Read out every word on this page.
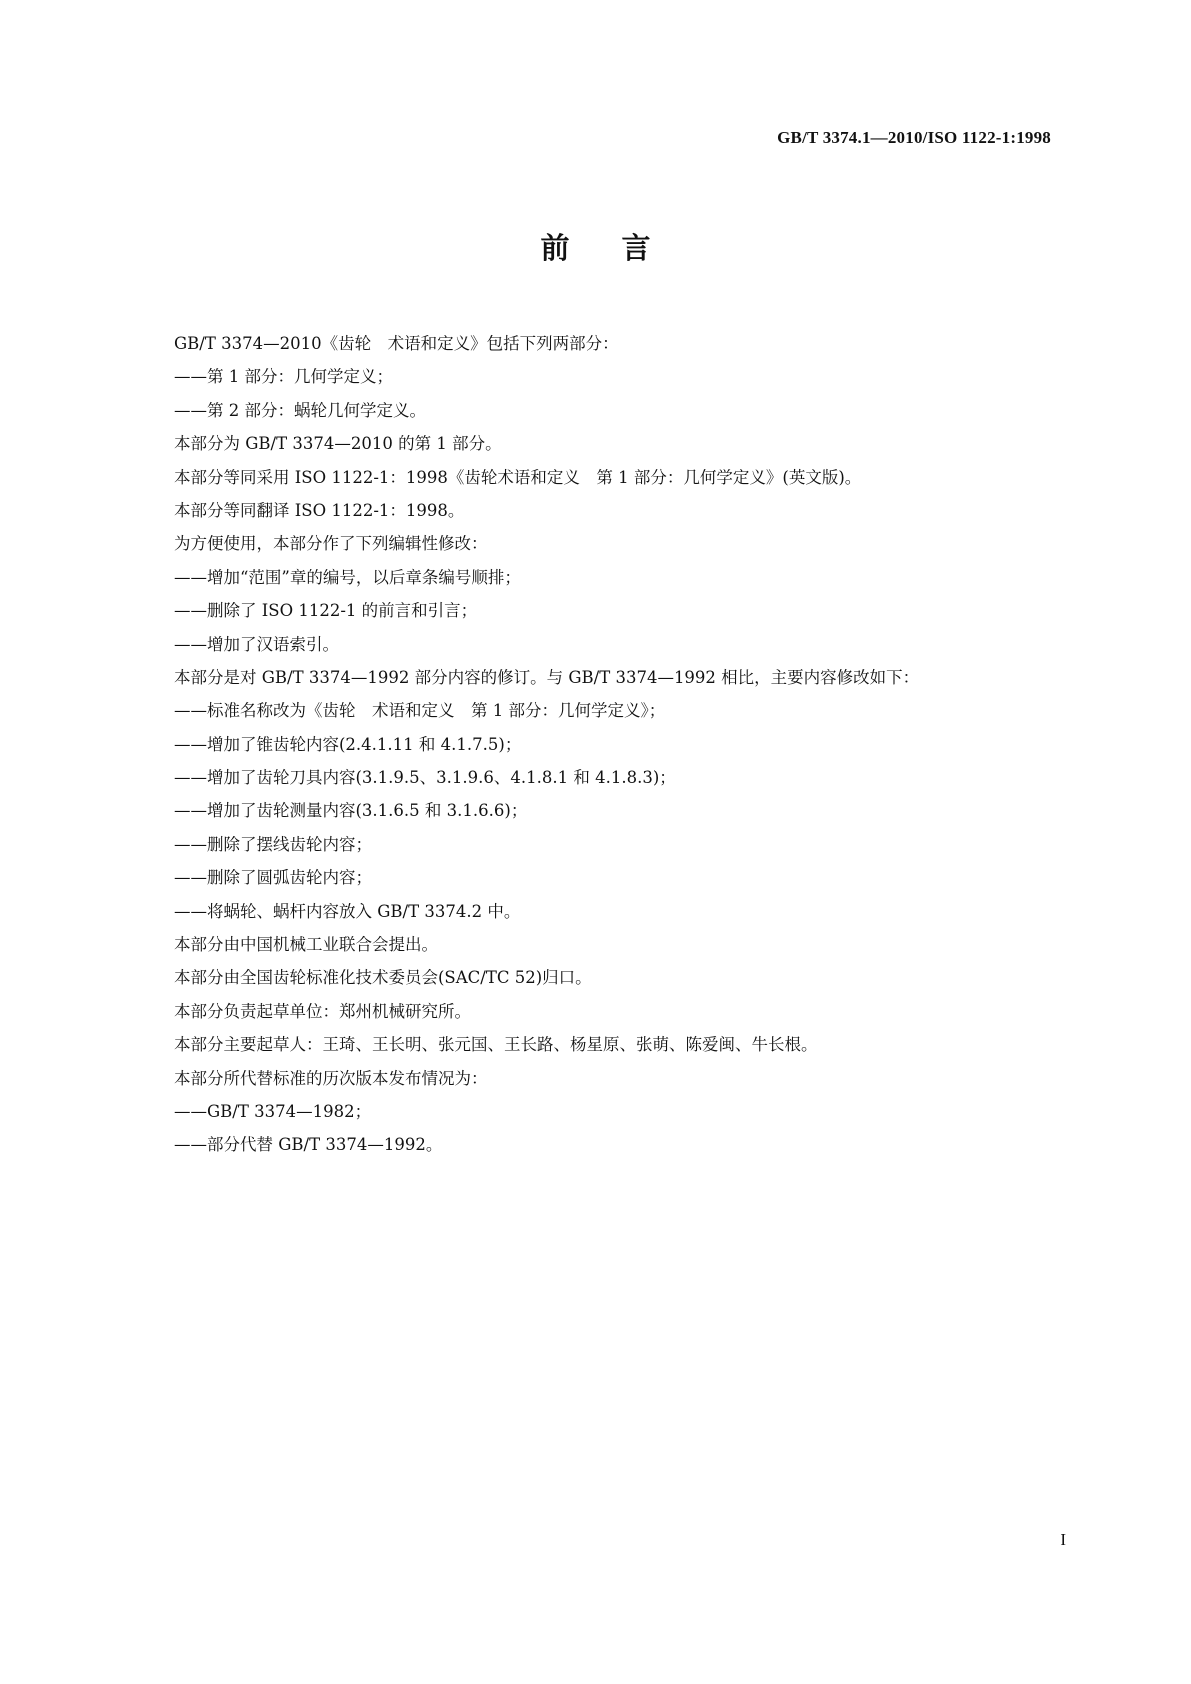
GB/T 3374.1—2010/ISO 1122-1:1998
前言
GB/T 3374—2010《齿轮　术语和定义》包括下列两部分：
——第 1 部分：几何学定义；
——第 2 部分：蜗轮几何学定义。
本部分为 GB/T 3374—2010 的第 1 部分。
本部分等同采用 ISO 1122-1：1998《齿轮术语和定义　第 1 部分：几何学定义》(英文版)。
本部分等同翻译 ISO 1122-1：1998。
为方便使用，本部分作了下列编辑性修改：
——增加“范围”章的编号，以后章条编号顺排；
——删除了 ISO 1122-1 的前言和引言；
——增加了汉语索引。
本部分是对 GB/T 3374—1992 部分内容的修订。与 GB/T 3374—1992 相比，主要内容修改如下：
——标准名称改为《齿轮　术语和定义　第 1 部分：几何学定义》；
——增加了锥齿轮内容(2.4.1.11 和 4.1.7.5)；
——增加了齿轮刀具内容(3.1.9.5、3.1.9.6、4.1.8.1 和 4.1.8.3)；
——增加了齿轮测量内容(3.1.6.5 和 3.1.6.6)；
——删除了摆线齿轮内容；
——删除了圆弧齿轮内容；
——将蜗轮、蜗杆内容放入 GB/T 3374.2 中。
本部分由中国机械工业联合会提出。
本部分由全国齿轮标准化技术委员会(SAC/TC 52)归口。
本部分负责起草单位：郑州机械研究所。
本部分主要起草人：王琦、王长明、张元国、王长路、杨星原、张萌、陈爱闽、牛长根。
本部分所代替标准的历次版本发布情况为：
——GB/T 3374—1982；
——部分代替 GB/T 3374—1992。
I
